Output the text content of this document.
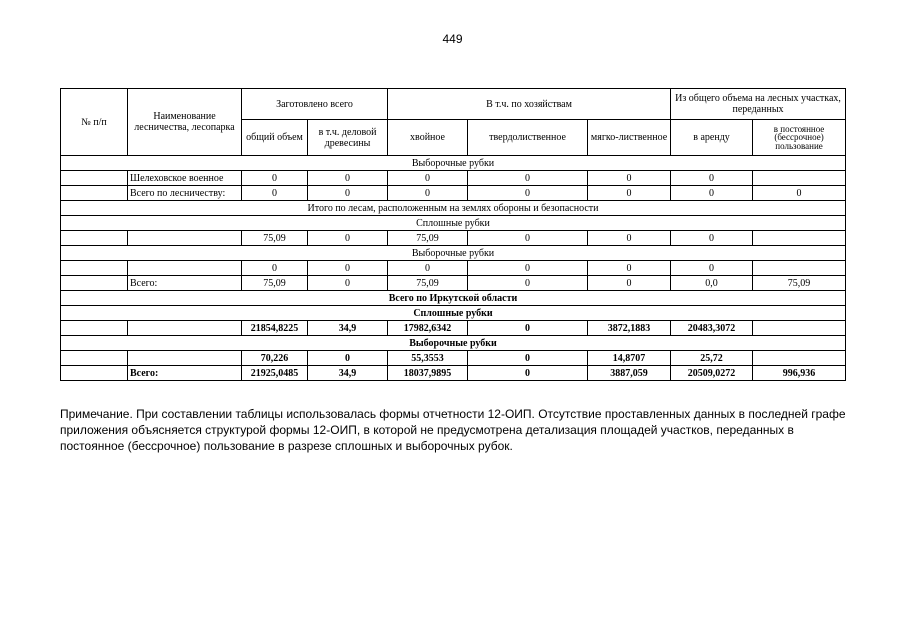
449
№ п/п	Наименование лесничества, лесопарка	Заготовлено всего		В т.ч. по хозяйствам			Из общего объема на лесных участках, переданных	
		общий объем	в т.ч. деловой древесины	хвойное	твердолиственное	мягко-лиственное	в аренду	в постоянное (бессрочное) пользование
Выборочные рубки								
	Шелеховское военное	0	0	0	0	0	0	
	Всего по лесничеству:	0	0	0	0	0	0	0
Итого по лесам, расположенным на землях обороны и безопасности								
Сплошные рубки								
		75,09	0	75,09	0	0	0	
Выборочные рубки								
		0	0	0	0	0	0	
	Всего:	75,09	0	75,09	0	0	0,0	75,09
Всего по Иркутской области								
Сплошные рубки								
		21854,8225	34,9	17982,6342	0	3872,1883	20483,3072	
Выборочные рубки								
		70,226	0	55,3553	0	14,8707	25,72	
	Всего:	21925,0485	34,9	18037,9895	0	3887,059	20509,0272	996,936
Примечание. При составлении таблицы использовалась формы отчетности 12-ОИП. Отсутствие проставленных данных в последней графе приложения объясняется структурой формы 12-ОИП, в которой не предусмотрена детализация площадей участков, переданных в постоянное (бессрочное) пользование в разрезе сплошных и выборочных рубок.
